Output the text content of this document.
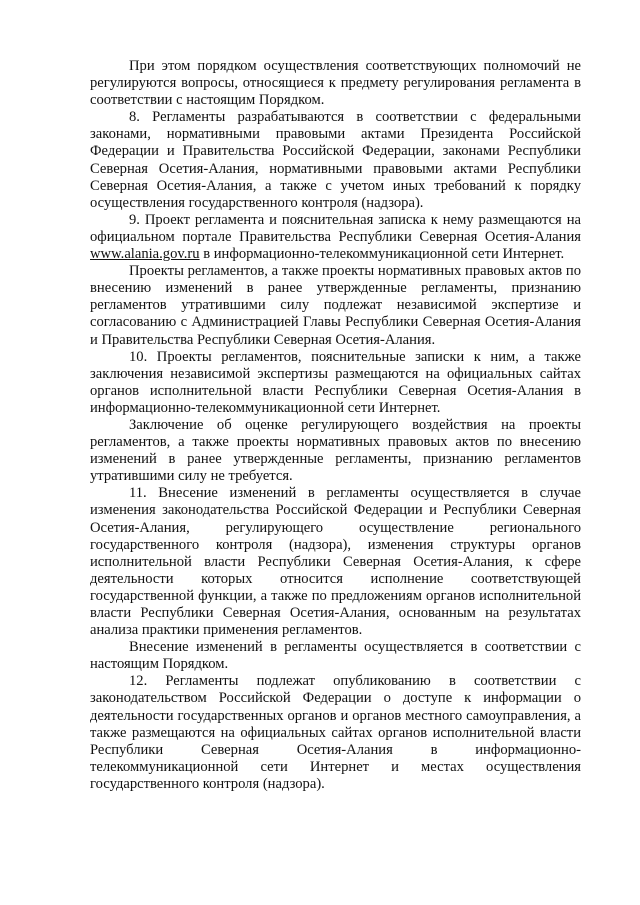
При этом порядком осуществления соответствующих полномочий не регулируются вопросы, относящиеся к предмету регулирования регламента в соответствии с настоящим Порядком.

8. Регламенты разрабатываются в соответствии с федеральными законами, нормативными правовыми актами Президента Российской Федерации и Правительства Российской Федерации, законами Республики Северная Осетия-Алания, нормативными правовыми актами Республики Северная Осетия-Алания, а также с учетом иных требований к порядку осуществления государственного контроля (надзора).

9. Проект регламента и пояснительная записка к нему размещаются на официальном портале Правительства Республики Северная Осетия-Алания www.alania.gov.ru в информационно-телекоммуникационной сети Интернет.

Проекты регламентов, а также проекты нормативных правовых актов по внесению изменений в ранее утвержденные регламенты, признанию регламентов утратившими силу подлежат независимой экспертизе и согласованию с Администрацией Главы Республики Северная Осетия-Алания и Правительства Республики Северная Осетия-Алания.

10. Проекты регламентов, пояснительные записки к ним, а также заключения независимой экспертизы размещаются на официальных сайтах органов исполнительной власти Республики Северная Осетия-Алания в информационно-телекоммуникационной сети Интернет.

Заключение об оценке регулирующего воздействия на проекты регламентов, а также проекты нормативных правовых актов по внесению изменений в ранее утвержденные регламенты, признанию регламентов утратившими силу не требуется.

11. Внесение изменений в регламенты осуществляется в случае изменения законодательства Российской Федерации и Республики Северная Осетия-Алания, регулирующего осуществление регионального государственного контроля (надзора), изменения структуры органов исполнительной власти Республики Северная Осетия-Алания, к сфере деятельности которых относится исполнение соответствующей государственной функции, а также по предложениям органов исполнительной власти Республики Северная Осетия-Алания, основанным на результатах анализа практики применения регламентов.

Внесение изменений в регламенты осуществляется в соответствии с настоящим Порядком.

12. Регламенты подлежат опубликованию в соответствии с законодательством Российской Федерации о доступе к информации о деятельности государственных органов и органов местного самоуправления, а также размещаются на официальных сайтах органов исполнительной власти Республики Северная Осетия-Алания в информационно-телекоммуникационной сети Интернет и местах осуществления государственного контроля (надзора).
